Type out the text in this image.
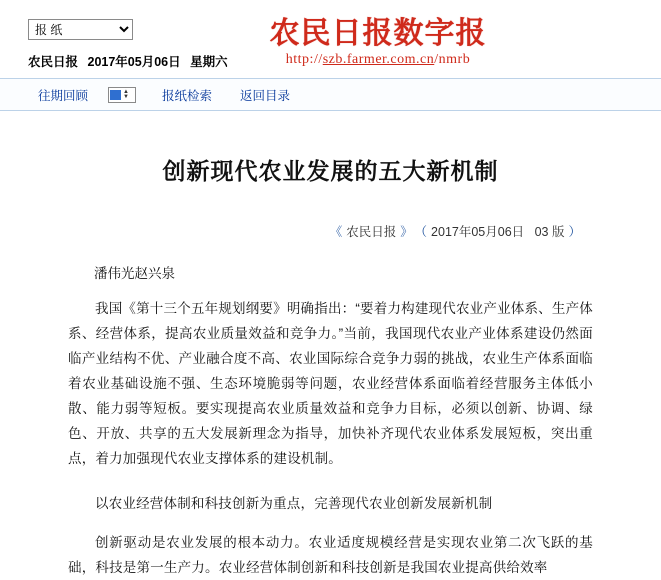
报 纸
农民日报 2017年05月06日 星期六
农民日报数字报
http://szb.farmer.com.cn/nmrb
往期回顾	▲
▼	报纸检索	返回目录
创新现代农业发展的五大新机制
《 农民日报 》 （ 2017年05月06日 03 版 ）
潘伟光赵兴泉
我国《第十三个五年规划纲要》明确指出：“要着力构建现代农业产业体系、生产体系、经营体系，提高农业质量效益和竞争力。”当前，我国现代农业产业体系建设仍然面临产业结构不优、产业融合度不高、农业国际综合竞争力弱的挑战，农业生产体系面临着农业基础设施不强、生态环境脆弱等问题，农业经营体系面临着经营服务主体低小散、能力弱等短板。要实现提高农业质量效益和竞争力目标，必须以创新、协调、绿色、开放、共享的五大发展新理念为指导，加快补齐现代农业体系发展短板，突出重点，着力加强现代农业支撑体系的建设机制。
以农业经营体制和科技创新为重点，完善现代农业创新发展新机制
创新驱动是农业发展的根本动力。农业适度规模经营是实现农业第二次飞跃的基础，科技是第一生产力。农业经营体制创新和科技创新是我国农业提高供给效率
